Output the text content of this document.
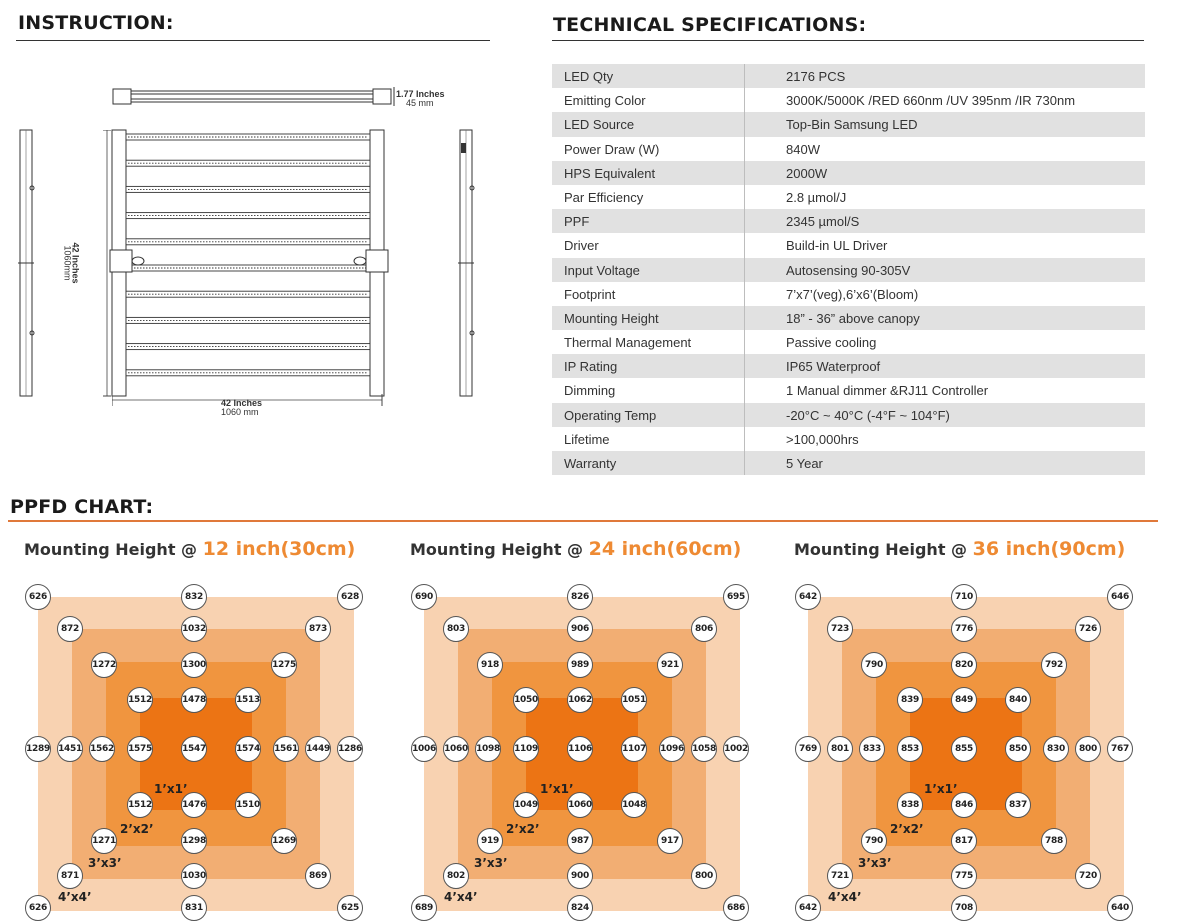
INSTRUCTION:
1.77 Inches
45 mm
42 Inches
1060mm
42 Inches
1060 mm
TECHNICAL SPECIFICATIONS:
LED Qty	2176 PCS
Emitting Color	3000K/5000K /RED 660nm /UV 395nm /IR 730nm
LED Source	Top-Bin Samsung LED
Power Draw (W)	840W
HPS Equivalent	2000W
Par Efficiency	2.8 µmol/J
PPF	2345 µmol/S
Driver	Build-in UL Driver
Input Voltage	Autosensing 90-305V
Footprint	7’x7’(veg),6’x6’(Bloom)
Mounting Height	18” - 36” above canopy
Thermal Management	Passive cooling
IP Rating	IP65 Waterproof
Dimming	1 Manual dimmer &RJ11 Controller
Operating Temp	-20°C ~ 40°C (-4°F ~ 104°F)
Lifetime	>100,000hrs
Warranty	5 Year
PPFD CHART:
Mounting Height @ 12 inch(30cm)
626	832	628
872	1032	873
1272	1300	1275
1512	1478	1513
1289 1451 1562 1575	1547	1574 1561 1449 1286
1512	1476	1510
1271	1298	1269
871	1030	869
626	831	625
1’x1’
2’x2’
3’x3’
4’x4’
Mounting Height @ 24 inch(60cm)
690	826	695
803	906	806
918	989	921
1050	1062	1051
1006 1060 1098 1109	1106	1107 1096 1058 1002
1049	1060	1048
919	987	917
802	900	800
689	824	686
1’x1’
2’x2’
3’x3’
4’x4’
Mounting Height @ 36 inch(90cm)
642	710	646
723	776	726
790	820	792
839	849	840
769	801	833	853	855	850	830	800	767
838	846	837
790	817	788
721	775	720
642	708	640
1’x1’
2’x2’
3’x3’
4’x4’
